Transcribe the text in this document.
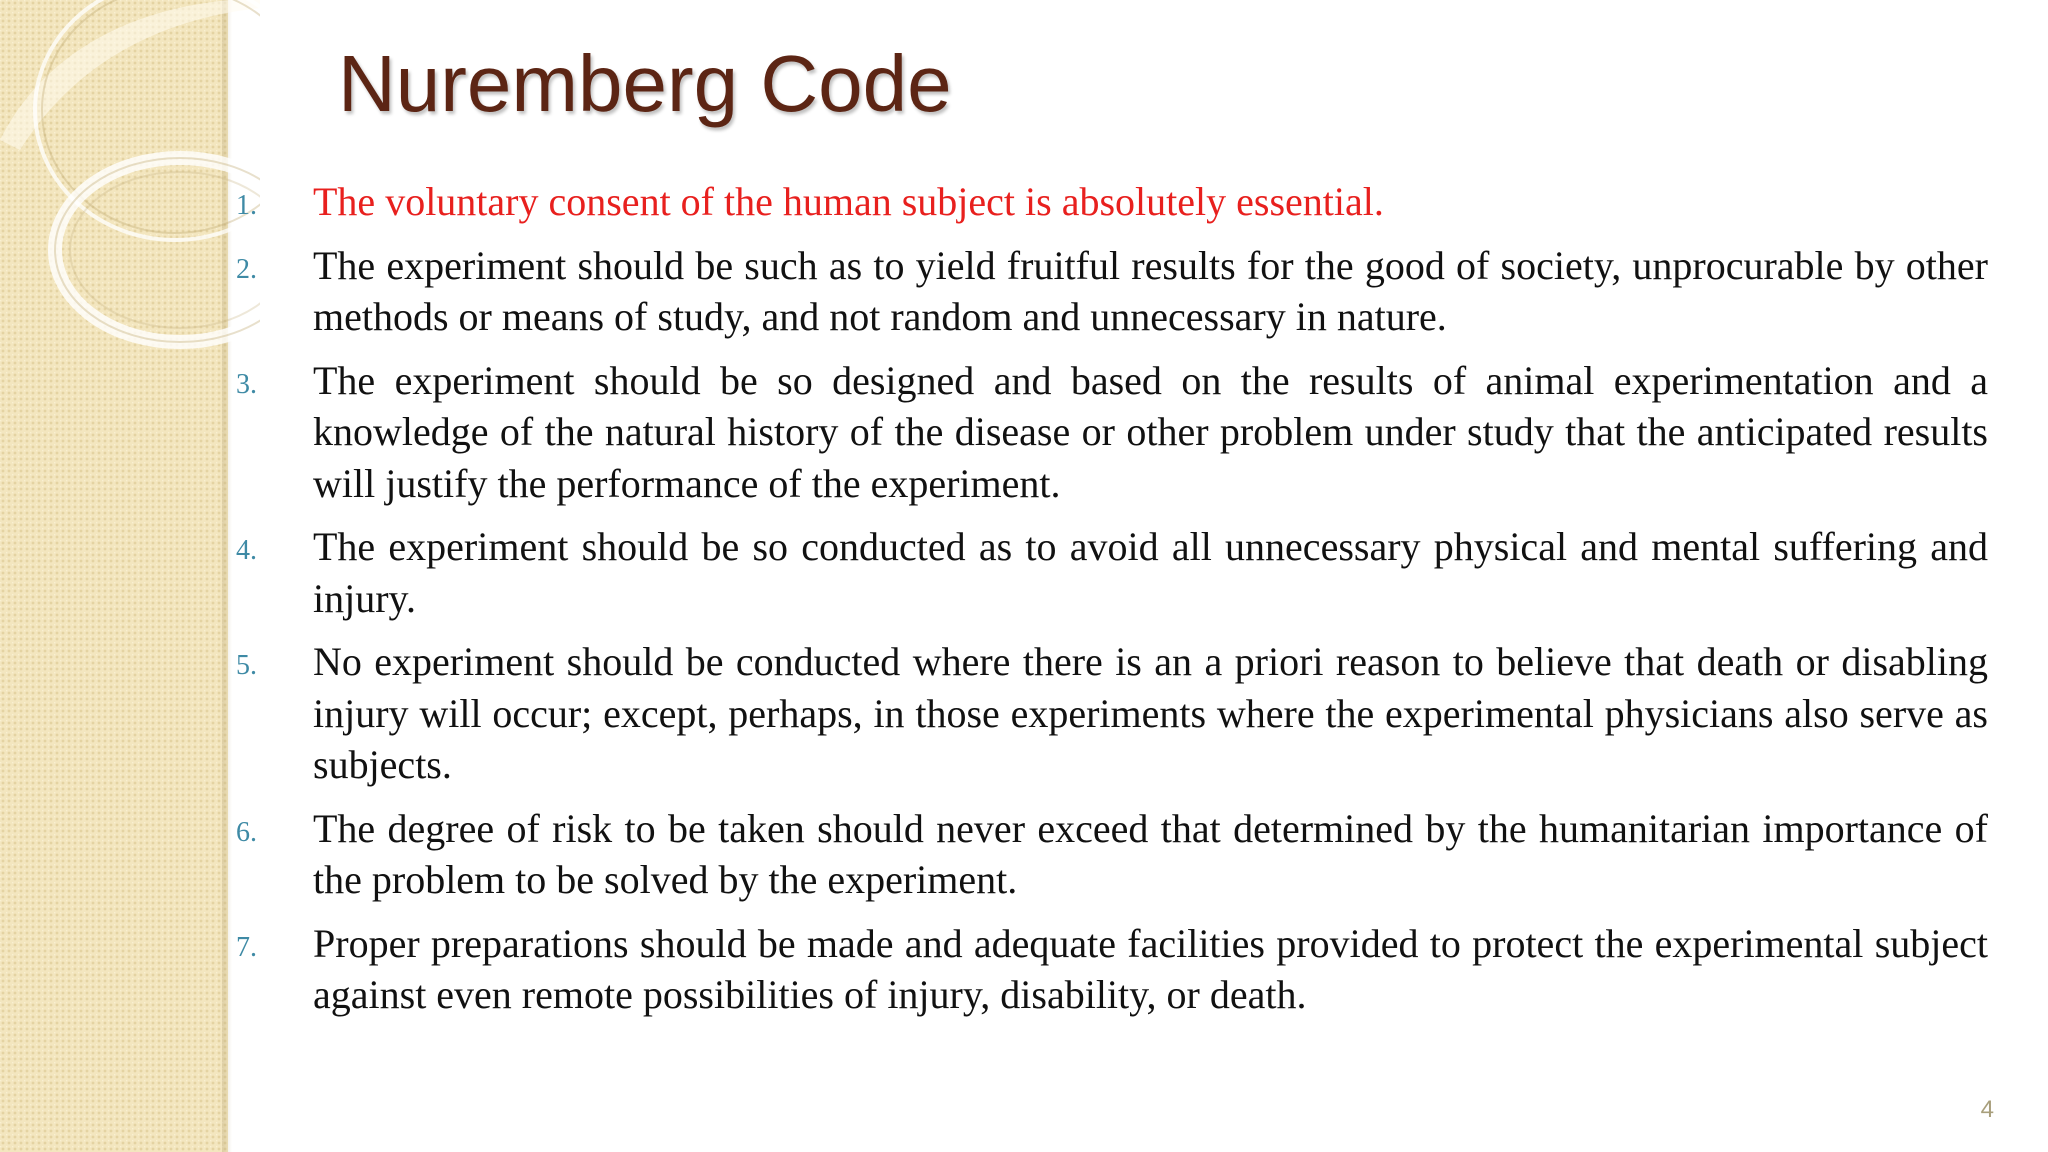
Nuremberg Code
1.	The voluntary consent of the human subject is absolutely essential.
2.	The experiment should be such as to yield fruitful results for the good of society, unprocurable by other methods or means of study, and not random and unnecessary in nature.
3.	The experiment should be so designed and based on the results of animal experimentation and a knowledge of the natural history of the disease or other problem under study that the anticipated results will justify the performance of the experiment.
4.	The experiment should be so conducted as to avoid all unnecessary physical and mental suffering and injury.
5.	No experiment should be conducted where there is an a priori reason to believe that death or disabling injury will occur; except, perhaps, in those experiments where the experimental physicians also serve as subjects.
6.	The degree of risk to be taken should never exceed that determined by the humanitarian importance of the problem to be solved by the experiment.
7.	Proper preparations should be made and adequate facilities provided to protect the experimental subject against even remote possibilities of injury, disability, or death.
4
